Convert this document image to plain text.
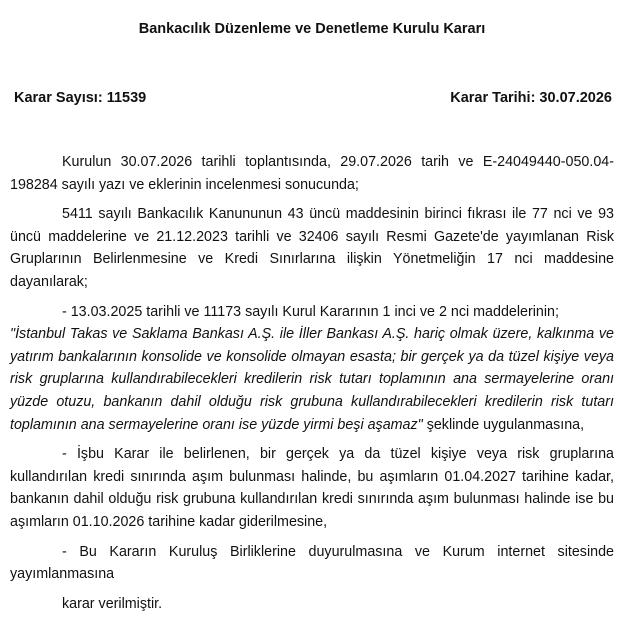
Bankacılık Düzenleme ve Denetleme Kurulu Kararı
Karar Sayısı: 11539	Karar Tarihi: 30.07.2026

Kurulun 30.07.2026 tarihli toplantısında, 29.07.2026 tarih ve E-24049440-050.04- 198284 sayılı yazı ve eklerinin incelenmesi sonucunda;

5411 sayılı Bankacılık Kanununun 43 üncü maddesinin birinci fıkrası ile 77 nci ve 93 üncü maddelerine ve 21.12.2023 tarihli ve 32406 sayılı Resmi Gazete'de yayımlanan Risk Gruplarının Belirlenmesine ve Kredi Sınırlarına ilişkin Yönetmeliğin 17 nci maddesine dayanılarak;

- 13.03.2025 tarihli ve 11173 sayılı Kurul Kararının 1 inci ve 2 nci maddelerinin;
"İstanbul Takas ve Saklama Bankası A.Ş. ile İller Bankası A.Ş. hariç olmak üzere, kalkınma ve yatırım bankalarının konsolide ve konsolide olmayan esasta; bir gerçek ya da tüzel kişiye veya risk gruplarına kullandırabilecekleri kredilerin risk tutarı toplamının ana sermayelerine oranı yüzde otuzu, bankanın dahil olduğu risk grubuna kullandırabilecekleri kredilerin risk tutarı toplamının ana sermayelerine oranı ise yüzde yirmi beşi aşamaz" şeklinde uygulanmasına,

- İşbu Karar ile belirlenen, bir gerçek ya da tüzel kişiye veya risk gruplarına kullandırılan kredi sınırında aşım bulunması halinde, bu aşımların 01.04.2027 tarihine kadar, bankanın dahil olduğu risk grubuna kullandırılan kredi sınırında aşım bulunması halinde ise bu aşımların 01.10.2026 tarihine kadar giderilmesine,

- Bu Kararın Kuruluş Birliklerine duyurulmasına ve Kurum internet sitesinde yayımlanmasına

karar verilmiştir.
